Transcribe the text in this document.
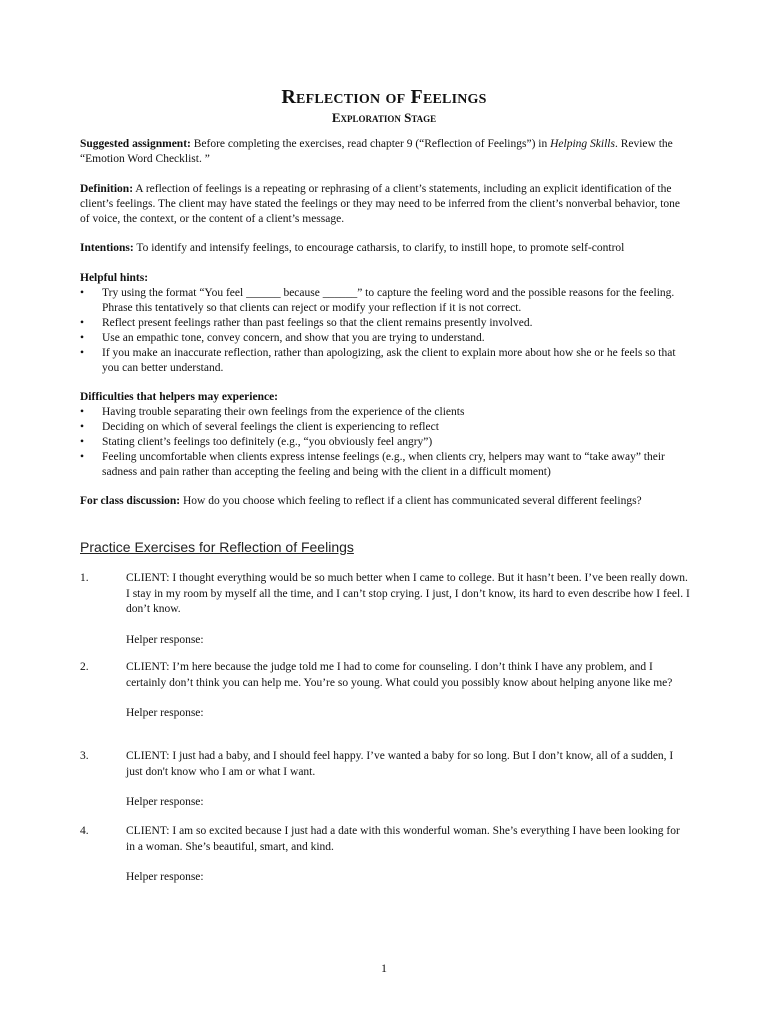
Reflection of Feelings
Exploration Stage

Suggested assignment: Before completing the exercises, read chapter 9 (“Reflection of Feelings”) in Helping Skills. Review the “Emotion Word Checklist. ”

Definition: A reflection of feelings is a repeating or rephrasing of a client’s statements, including an explicit identification of the client’s feelings. The client may have stated the feelings or they may need to be inferred from the client’s nonverbal behavior, tone of voice, the context, or the content of a client’s message.

Intentions: To identify and intensify feelings, to encourage catharsis, to clarify, to instill hope, to promote self-control

Helpful hints:
• Try using the format “You feel ______ because ______” to capture the feeling word and the possible reasons for the feeling. Phrase this tentatively so that clients can reject or modify your reflection if it is not correct.
• Reflect present feelings rather than past feelings so that the client remains presently involved.
• Use an empathic tone, convey concern, and show that you are trying to understand.
• If you make an inaccurate reflection, rather than apologizing, ask the client to explain more about how she or he feels so that you can better understand.
Difficulties that helpers may experience:
• Having trouble separating their own feelings from the experience of the clients
• Deciding on which of several feelings the client is experiencing to reflect
• Stating client’s feelings too definitely (e.g., “you obviously feel angry”)
• Feeling uncomfortable when clients express intense feelings (e.g., when clients cry, helpers may want to “take away” their sadness and pain rather than accepting the feeling and being with the client in a difficult moment)

For class discussion: How do you choose which feeling to reflect if a client has communicated several different feelings?

Practice Exercises for Reflection of Feelings
1.	CLIENT: I thought everything would be so much better when I came to college. But it hasn’t been. I’ve been really down. I stay in my room by myself all the time, and I can’t stop crying. I just, I don’t know, its hard to even describe how I feel. I don’t know.
Helper response:
2.	CLIENT: I’m here because the judge told me I had to come for counseling. I don’t think I have any problem, and I certainly don’t think you can help me. You’re so young. What could you possibly know about helping anyone like me?
Helper response:
3.	CLIENT: I just had a baby, and I should feel happy. I’ve wanted a baby for so long. But I don’t know, all of a sudden, I just don't know who I am or what I want.
Helper response:
4.	CLIENT: I am so excited because I just had a date with this wonderful woman. She’s everything I have been looking for in a woman. She’s beautiful, smart, and kind.
Helper response:
1
